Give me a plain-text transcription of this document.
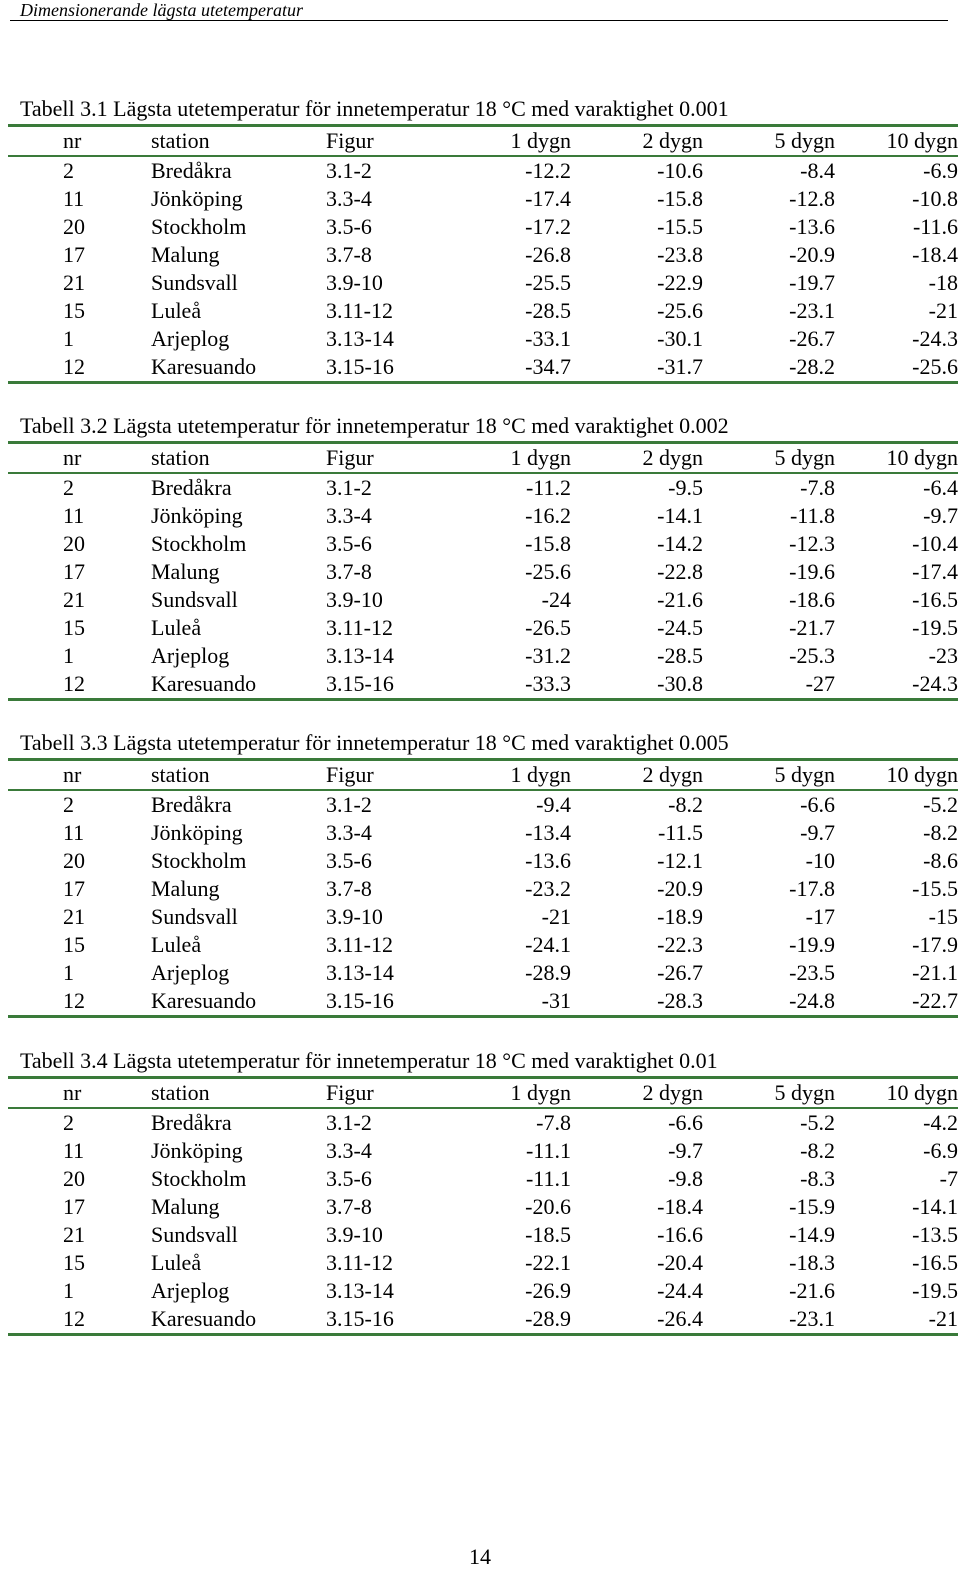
Dimensionerande lägsta utetemperatur
Tabell 3.1 Lägsta utetemperatur för innetemperatur 18 °C med varaktighet 0.001
nr	station	Figur	1 dygn	2 dygn	5 dygn	10 dygn
2	Bredåkra	3.1-2	-12.2	-10.6	-8.4	-6.9
11	Jönköping	3.3-4	-17.4	-15.8	-12.8	-10.8
20	Stockholm	3.5-6	-17.2	-15.5	-13.6	-11.6
17	Malung	3.7-8	-26.8	-23.8	-20.9	-18.4
21	Sundsvall	3.9-10	-25.5	-22.9	-19.7	-18
15	Luleå	3.11-12	-28.5	-25.6	-23.1	-21
1	Arjeplog	3.13-14	-33.1	-30.1	-26.7	-24.3
12	Karesuando	3.15-16	-34.7	-31.7	-28.2	-25.6
Tabell 3.2 Lägsta utetemperatur för innetemperatur 18 °C med varaktighet 0.002
nr	station	Figur	1 dygn	2 dygn	5 dygn	10 dygn
2	Bredåkra	3.1-2	-11.2	-9.5	-7.8	-6.4
11	Jönköping	3.3-4	-16.2	-14.1	-11.8	-9.7
20	Stockholm	3.5-6	-15.8	-14.2	-12.3	-10.4
17	Malung	3.7-8	-25.6	-22.8	-19.6	-17.4
21	Sundsvall	3.9-10	-24	-21.6	-18.6	-16.5
15	Luleå	3.11-12	-26.5	-24.5	-21.7	-19.5
1	Arjeplog	3.13-14	-31.2	-28.5	-25.3	-23
12	Karesuando	3.15-16	-33.3	-30.8	-27	-24.3
Tabell 3.3 Lägsta utetemperatur för innetemperatur 18 °C med varaktighet 0.005
nr	station	Figur	1 dygn	2 dygn	5 dygn	10 dygn
2	Bredåkra	3.1-2	-9.4	-8.2	-6.6	-5.2
11	Jönköping	3.3-4	-13.4	-11.5	-9.7	-8.2
20	Stockholm	3.5-6	-13.6	-12.1	-10	-8.6
17	Malung	3.7-8	-23.2	-20.9	-17.8	-15.5
21	Sundsvall	3.9-10	-21	-18.9	-17	-15
15	Luleå	3.11-12	-24.1	-22.3	-19.9	-17.9
1	Arjeplog	3.13-14	-28.9	-26.7	-23.5	-21.1
12	Karesuando	3.15-16	-31	-28.3	-24.8	-22.7
Tabell 3.4 Lägsta utetemperatur för innetemperatur 18 °C med varaktighet 0.01
nr	station	Figur	1 dygn	2 dygn	5 dygn	10 dygn
2	Bredåkra	3.1-2	-7.8	-6.6	-5.2	-4.2
11	Jönköping	3.3-4	-11.1	-9.7	-8.2	-6.9
20	Stockholm	3.5-6	-11.1	-9.8	-8.3	-7
17	Malung	3.7-8	-20.6	-18.4	-15.9	-14.1
21	Sundsvall	3.9-10	-18.5	-16.6	-14.9	-13.5
15	Luleå	3.11-12	-22.1	-20.4	-18.3	-16.5
1	Arjeplog	3.13-14	-26.9	-24.4	-21.6	-19.5
12	Karesuando	3.15-16	-28.9	-26.4	-23.1	-21
14
